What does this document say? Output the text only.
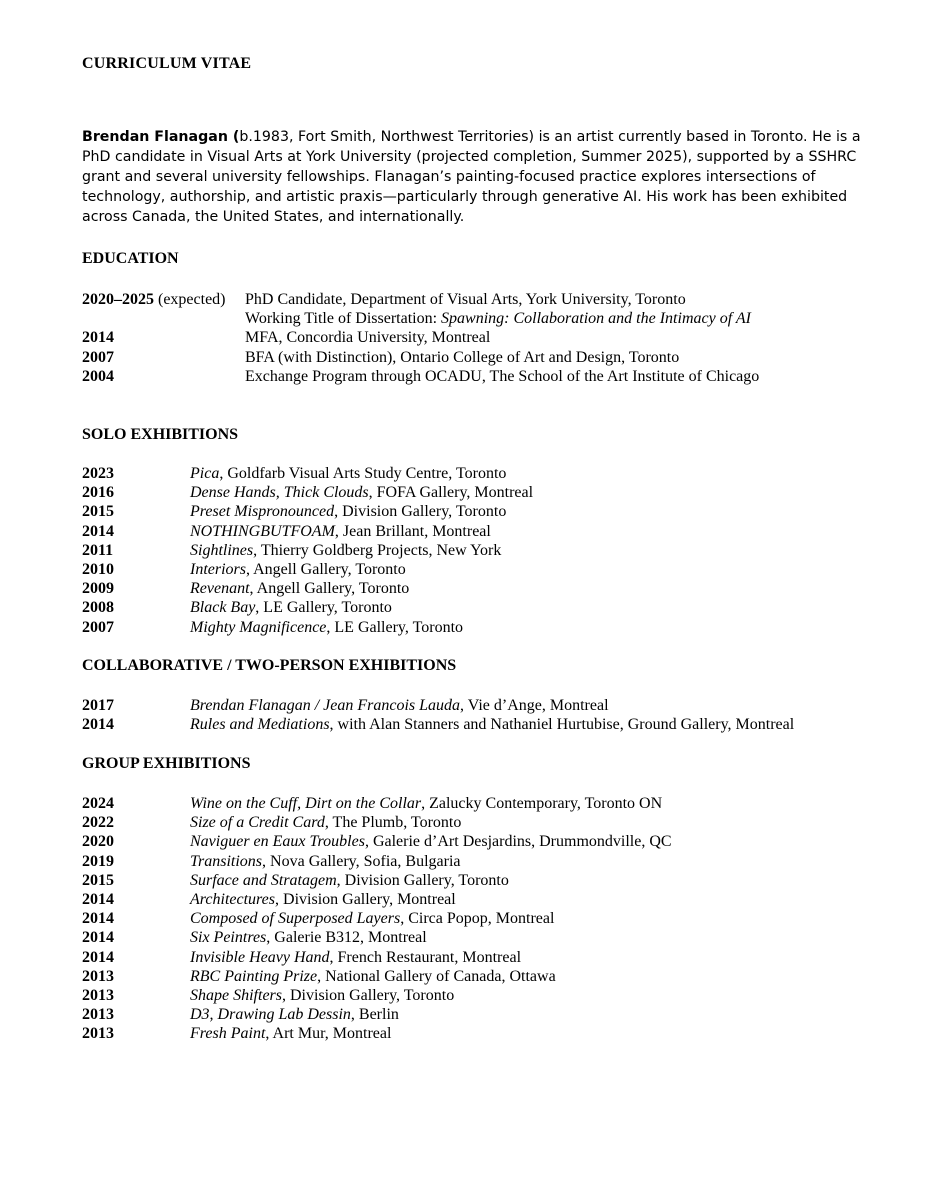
CURRICULUM VITAE
Brendan Flanagan (b.1983, Fort Smith, Northwest Territories) is an artist currently based in Toronto. He is a PhD candidate in Visual Arts at York University (projected completion, Summer 2025), supported by a SSHRC grant and several university fellowships. Flanagan’s painting-focused practice explores intersections of technology, authorship, and artistic praxis—particularly through generative AI. His work has been exhibited across Canada, the United States, and internationally.
EDUCATION
2020–2025 (expected)	PhD Candidate, Department of Visual Arts, York University, Toronto
Working Title of Dissertation: Spawning: Collaboration and the Intimacy of AI
2014	MFA, Concordia University, Montreal
2007	BFA (with Distinction), Ontario College of Art and Design, Toronto
2004	Exchange Program through OCADU, The School of the Art Institute of Chicago
SOLO EXHIBITIONS
2023	Pica, Goldfarb Visual Arts Study Centre, Toronto
2016	Dense Hands, Thick Clouds, FOFA Gallery, Montreal
2015	Preset Mispronounced, Division Gallery, Toronto
2014	NOTHINGBUTFOAM, Jean Brillant, Montreal
2011	Sightlines, Thierry Goldberg Projects, New York
2010	Interiors, Angell Gallery, Toronto
2009	Revenant, Angell Gallery, Toronto
2008	Black Bay, LE Gallery, Toronto
2007	Mighty Magnificence, LE Gallery, Toronto
COLLABORATIVE / TWO-PERSON EXHIBITIONS
2017	Brendan Flanagan / Jean Francois Lauda, Vie d’Ange, Montreal
2014	Rules and Mediations, with Alan Stanners and Nathaniel Hurtubise, Ground Gallery, Montreal
GROUP EXHIBITIONS
2024	Wine on the Cuff, Dirt on the Collar, Zalucky Contemporary, Toronto ON
2022	Size of a Credit Card, The Plumb, Toronto
2020	Naviguer en Eaux Troubles, Galerie d’Art Desjardins, Drummondville, QC
2019	Transitions, Nova Gallery, Sofia, Bulgaria
2015	Surface and Stratagem, Division Gallery, Toronto
2014	Architectures, Division Gallery, Montreal
2014	Composed of Superposed Layers, Circa Popop, Montreal
2014	Six Peintres, Galerie B312, Montreal
2014	Invisible Heavy Hand, French Restaurant, Montreal
2013	RBC Painting Prize, National Gallery of Canada, Ottawa
2013	Shape Shifters, Division Gallery, Toronto
2013	D3, Drawing Lab Dessin, Berlin
2013	Fresh Paint, Art Mur, Montreal
